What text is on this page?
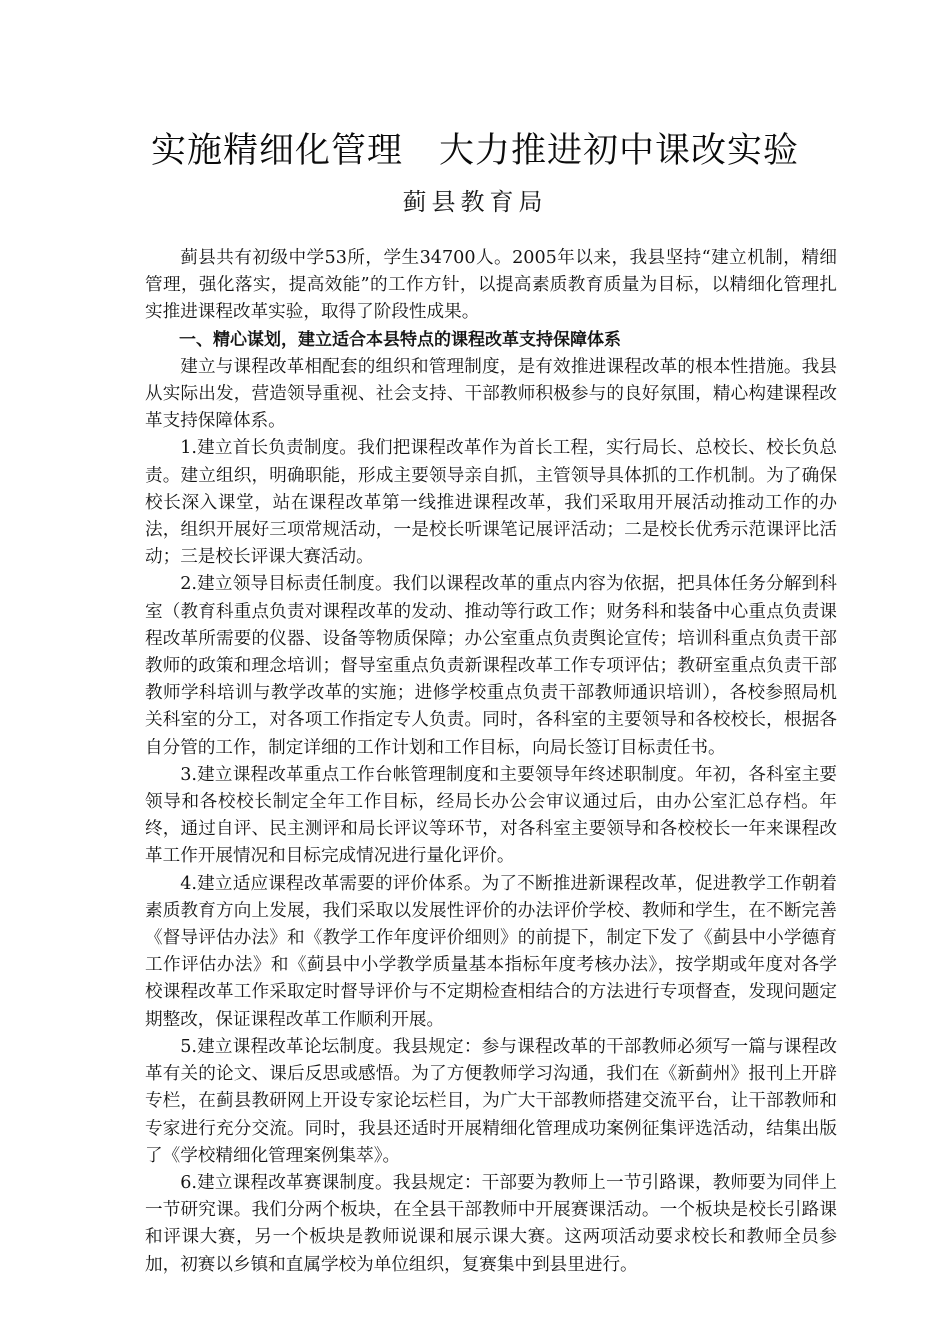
实施精细化管理　大力推进初中课改实验
蓟县教育局

蓟县共有初级中学53所，学生34700人。2005年以来，我县坚持“建立机制，精细管理，强化落实，提高效能”的工作方针，以提高素质教育质量为目标，以精细化管理扎实推进课程改革实验，取得了阶段性成果。

一、精心谋划，建立适合本县特点的课程改革支持保障体系

建立与课程改革相配套的组织和管理制度，是有效推进课程改革的根本性措施。我县从实际出发，营造领导重视、社会支持、干部教师积极参与的良好氛围，精心构建课程改革支持保障体系。

1.建立首长负责制度。我们把课程改革作为首长工程，实行局长、总校长、校长负总责。建立组织，明确职能，形成主要领导亲自抓，主管领导具体抓的工作机制。为了确保校长深入课堂，站在课程改革第一线推进课程改革，我们采取用开展活动推动工作的办法，组织开展好三项常规活动，一是校长听课笔记展评活动；二是校长优秀示范课评比活动；三是校长评课大赛活动。

2.建立领导目标责任制度。我们以课程改革的重点内容为依据，把具体任务分解到科室（教育科重点负责对课程改革的发动、推动等行政工作；财务科和装备中心重点负责课程改革所需要的仪器、设备等物质保障；办公室重点负责舆论宣传；培训科重点负责干部教师的政策和理念培训；督导室重点负责新课程改革工作专项评估；教研室重点负责干部教师学科培训与教学改革的实施；进修学校重点负责干部教师通识培训），各校参照局机关科室的分工，对各项工作指定专人负责。同时，各科室的主要领导和各校校长，根据各自分管的工作，制定详细的工作计划和工作目标，向局长签订目标责任书。

3.建立课程改革重点工作台帐管理制度和主要领导年终述职制度。年初，各科室主要领导和各校校长制定全年工作目标，经局长办公会审议通过后，由办公室汇总存档。年终，通过自评、民主测评和局长评议等环节，对各科室主要领导和各校校长一年来课程改革工作开展情况和目标完成情况进行量化评价。

4.建立适应课程改革需要的评价体系。为了不断推进新课程改革，促进教学工作朝着素质教育方向上发展，我们采取以发展性评价的办法评价学校、教师和学生，在不断完善《督导评估办法》和《教学工作年度评价细则》的前提下，制定下发了《蓟县中小学德育工作评估办法》和《蓟县中小学教学质量基本指标年度考核办法》，按学期或年度对各学校课程改革工作采取定时督导评价与不定期检查相结合的方法进行专项督查，发现问题定期整改，保证课程改革工作顺利开展。

5.建立课程改革论坛制度。我县规定：参与课程改革的干部教师必须写一篇与课程改革有关的论文、课后反思或感悟。为了方便教师学习沟通，我们在《新蓟州》报刊上开辟专栏，在蓟县教研网上开设专家论坛栏目，为广大干部教师搭建交流平台，让干部教师和专家进行充分交流。同时，我县还适时开展精细化管理成功案例征集评选活动，结集出版了《学校精细化管理案例集萃》。

6.建立课程改革赛课制度。我县规定：干部要为教师上一节引路课，教师要为同伴上一节研究课。我们分两个板块，在全县干部教师中开展赛课活动。一个板块是校长引路课和评课大赛，另一个板块是教师说课和展示课大赛。这两项活动要求校长和教师全员参加，初赛以乡镇和直属学校为单位组织，复赛集中到县里进行。
